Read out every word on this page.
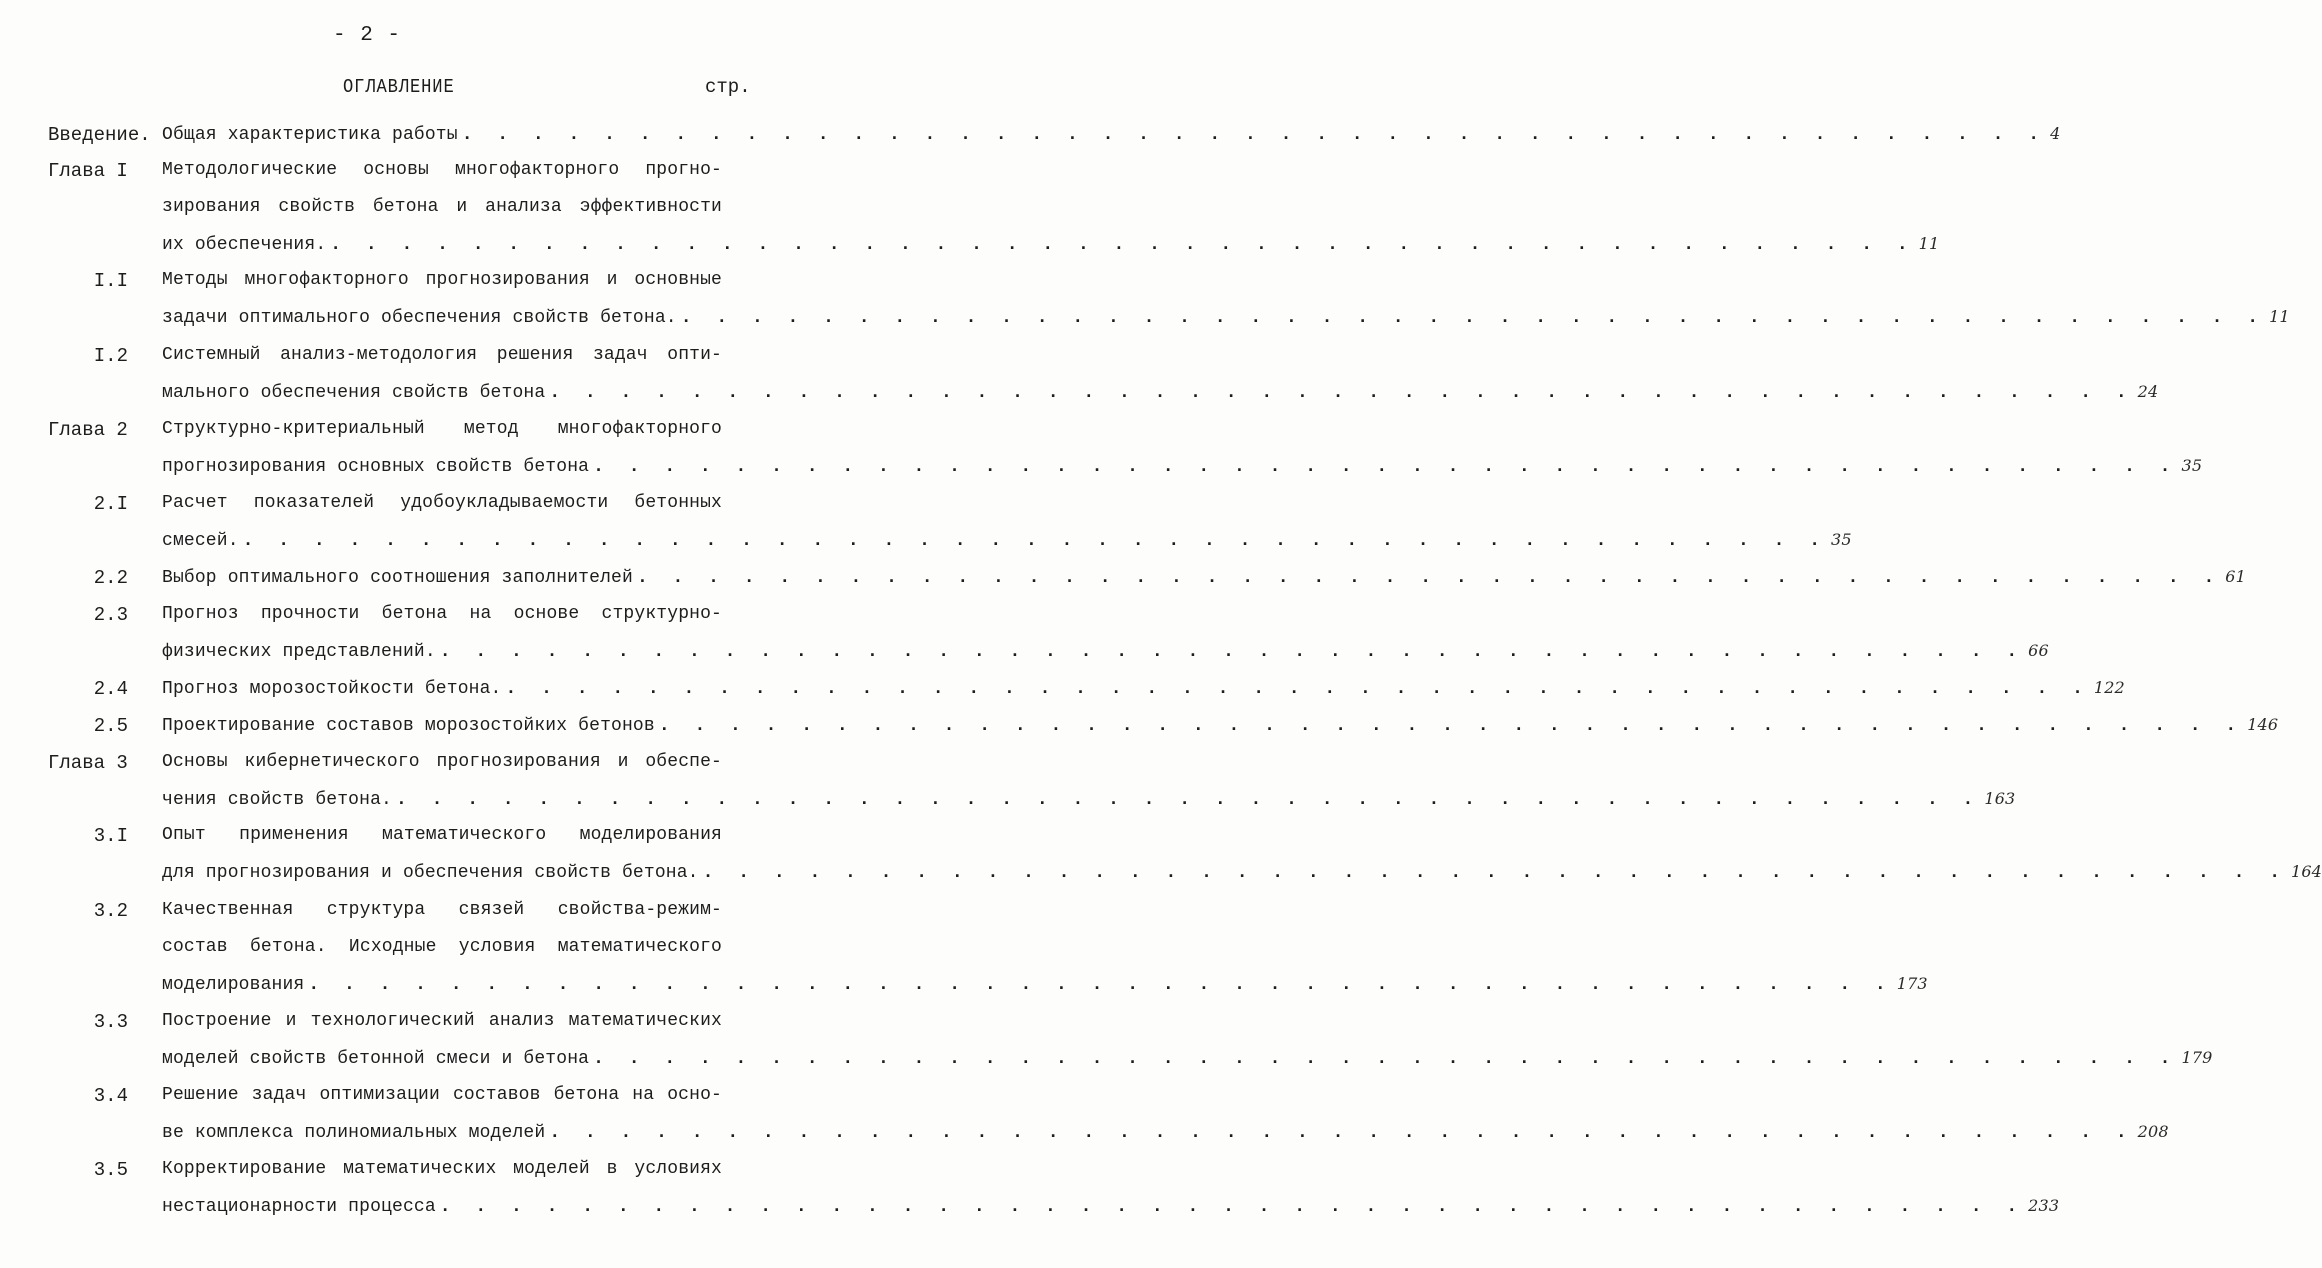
- 2 -
ОГЛАВЛЕНИЕ	стр.
Введение. Общая характеристика работы . . . . . . . . . . . . . . . . . . . . . . . . . . . . . . . . . . . . . . . . . . . . . 4
Глава I Методологические основы многофакторного прогно-
зирования свойств бетона и анализа эффективности
их обеспечения. . . . . . . . . . . . . . . . . . . . . . . . . . . . . . . . . . . . . . . . . . . . . . 11
I.I Методы многофакторного прогнозирования и основные
задачи оптимального обеспечения свойств бетона. . . . . . . . . . . . . . . . . . . . . . . . . . . . . . . . . . . . . . . . . . . . . . 11
I.2 Системный анализ-методология решения задач опти-
мального обеспечения свойств бетона . . . . . . . . . . . . . . . . . . . . . . . . . . . . . . . . . . . . . . . . . . . . . 24
Глава 2 Структурно-критериальный метод многофакторного
прогнозирования основных свойств бетона . . . . . . . . . . . . . . . . . . . . . . . . . . . . . . . . . . . . . . . . . . . . . 35
2.I Расчет показателей удобоукладываемости бетонных
смесей. . . . . . . . . . . . . . . . . . . . . . . . . . . . . . . . . . . . . . . . . . . . . . 35
2.2 Выбор оптимального соотношения заполнителей . . . . . . . . . . . . . . . . . . . . . . . . . . . . . . . . . . . . . . . . . . . . . 61
2.3 Прогноз прочности бетона на основе структурно-
физических представлений. . . . . . . . . . . . . . . . . . . . . . . . . . . . . . . . . . . . . . . . . . . . . . 66
2.4 Прогноз морозостойкости бетона. . . . . . . . . . . . . . . . . . . . . . . . . . . . . . . . . . . . . . . . . . . . . . 122
2.5 Проектирование составов морозостойких бетонов . . . . . . . . . . . . . . . . . . . . . . . . . . . . . . . . . . . . . . . . . . . . . 146
Глава 3 Основы кибернетического прогнозирования и обеспе-
чения свойств бетона. . . . . . . . . . . . . . . . . . . . . . . . . . . . . . . . . . . . . . . . . . . . . . 163
3.I Опыт применения математического моделирования
для прогнозирования и обеспечения свойств бетона. . . . . . . . . . . . . . . . . . . . . . . . . . . . . . . . . . . . . . . . . . . . . . 164
3.2 Качественная структура связей свойства-режим-
состав бетона. Исходные условия математического
моделирования . . . . . . . . . . . . . . . . . . . . . . . . . . . . . . . . . . . . . . . . . . . . . 173
3.3 Построение и технологический анализ математических
моделей свойств бетонной смеси и бетона . . . . . . . . . . . . . . . . . . . . . . . . . . . . . . . . . . . . . . . . . . . . . 179
3.4 Решение задач оптимизации составов бетона на осно-
ве комплекса полиномиальных моделей . . . . . . . . . . . . . . . . . . . . . . . . . . . . . . . . . . . . . . . . . . . . . 208
3.5 Корректирование математических моделей в условиях
нестационарности процесса . . . . . . . . . . . . . . . . . . . . . . . . . . . . . . . . . . . . . . . . . . . . . 233
